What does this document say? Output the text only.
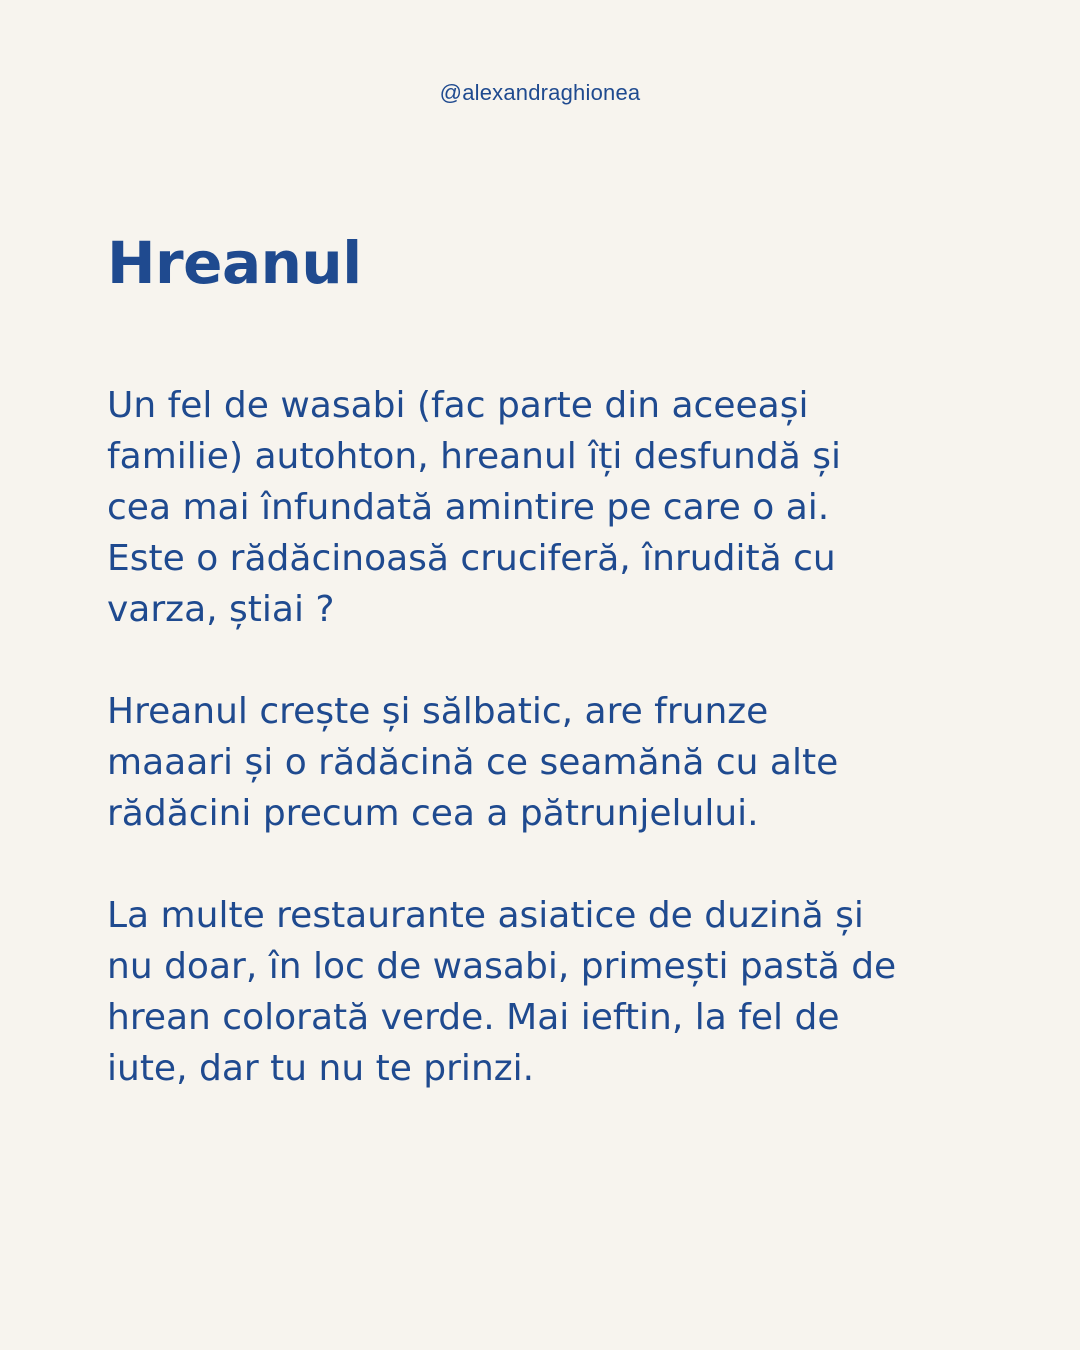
@alexandraghionea
Hreanul

Un fel de wasabi (fac parte din aceeași
familie) autohton, hreanul îți desfundă și
cea mai înfundată amintire pe care o ai.
Este o rădăcinoasă cruciferă, înrudită cu
varza, știai ?

Hreanul crește și sălbatic, are frunze
maaari și o rădăcină ce seamănă cu alte
rădăcini precum cea a pătrunjelului.

La multe restaurante asiatice de duzină și
nu doar, în loc de wasabi, primești pastă de
hrean colorată verde. Mai ieftin, la fel de
iute, dar tu nu te prinzi.
